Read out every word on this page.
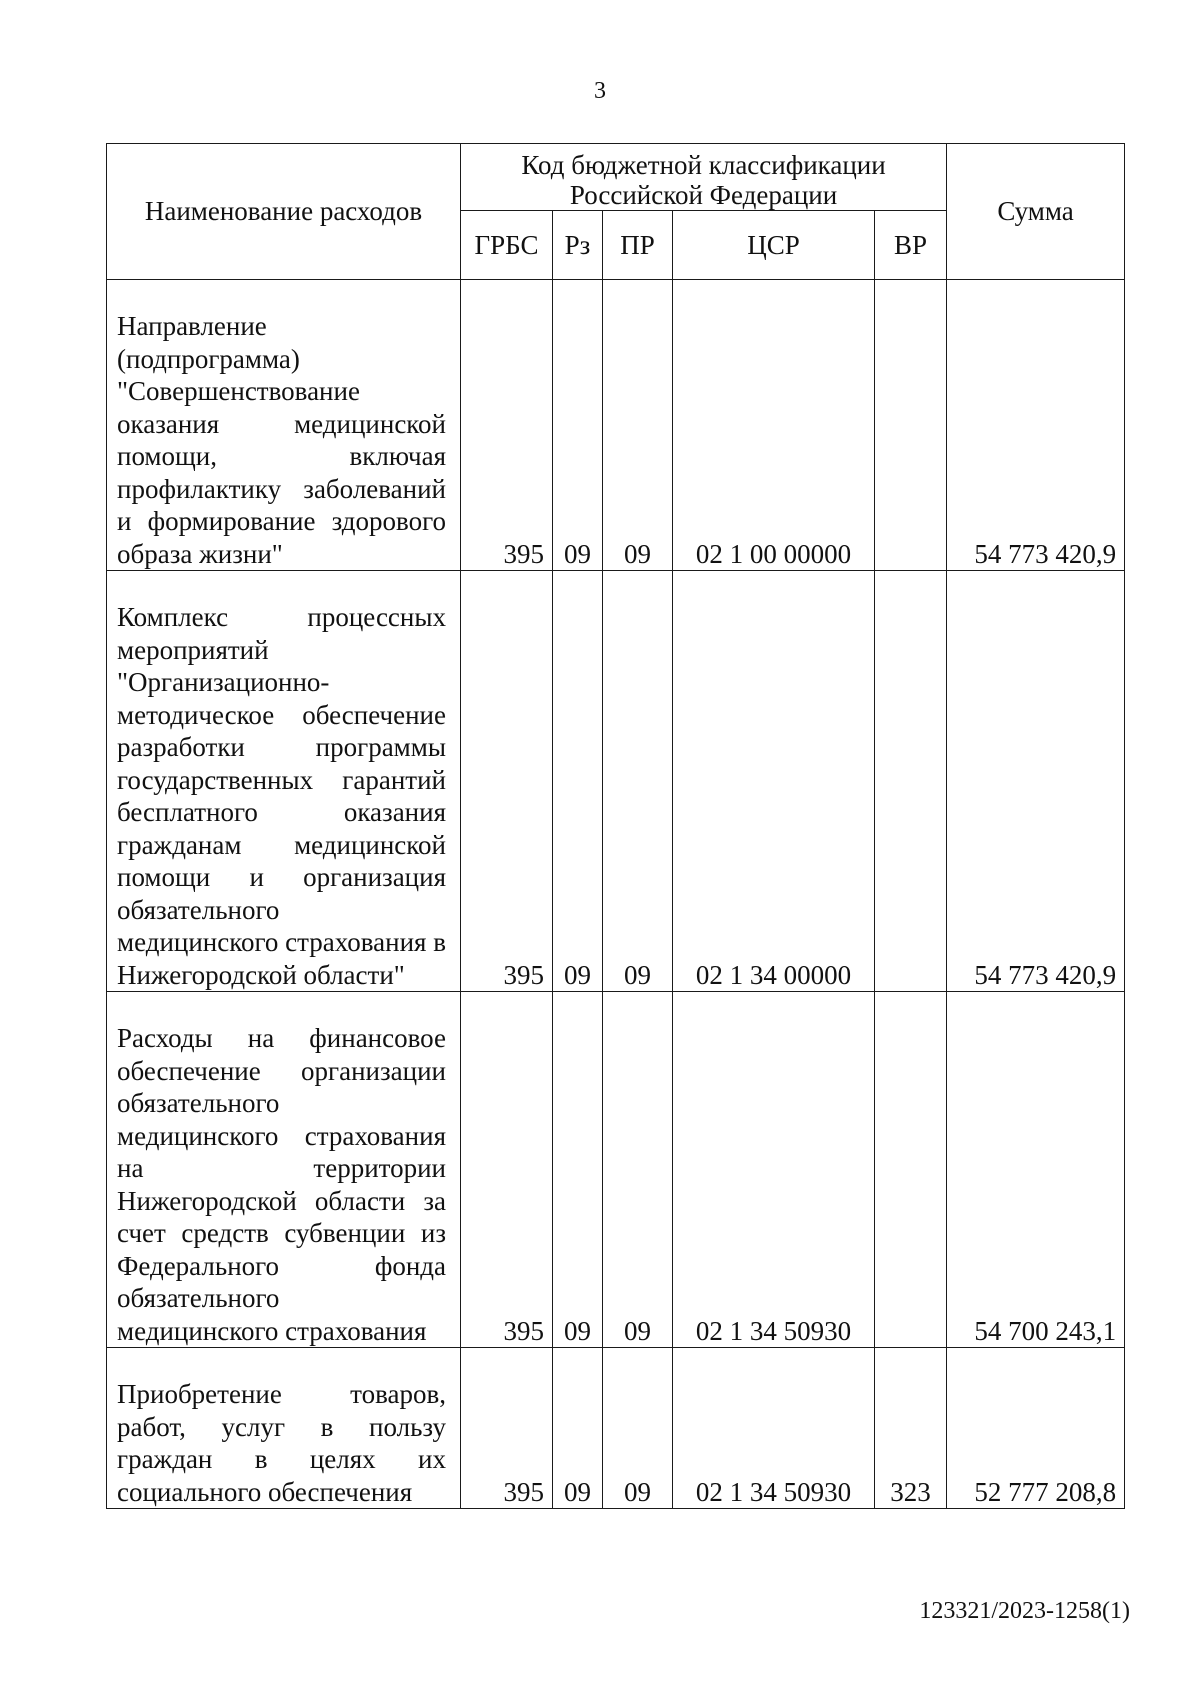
3
Наименование расходов	Код бюджетной классификации Российской Федерации					Сумма
	ГРБС	Рз	ПР	ЦСР	ВР	
Направление (подпрограмма) "Совершенствование оказания медицинской помощи, включая профилактику заболеваний и формирование здорового образа жизни"	395	09	09	02 1 00 00000		54 773 420,9
Комплекс процессных мероприятий "Организационно-методическое обеспечение разработки программы государственных гарантий бесплатного оказания гражданам медицинской помощи и организация обязательного медицинского страхования в Нижегородской области"	395	09	09	02 1 34 00000		54 773 420,9
Расходы на финансовое обеспечение организации обязательного медицинского страхования на территории Нижегородской области за счет средств субвенции из Федерального фонда обязательного медицинского страхования	395	09	09	02 1 34 50930		54 700 243,1
Приобретение товаров, работ, услуг в пользу граждан в целях их социального обеспечения	395	09	09	02 1 34 50930	323	52 777 208,8
123321/2023-1258(1)
